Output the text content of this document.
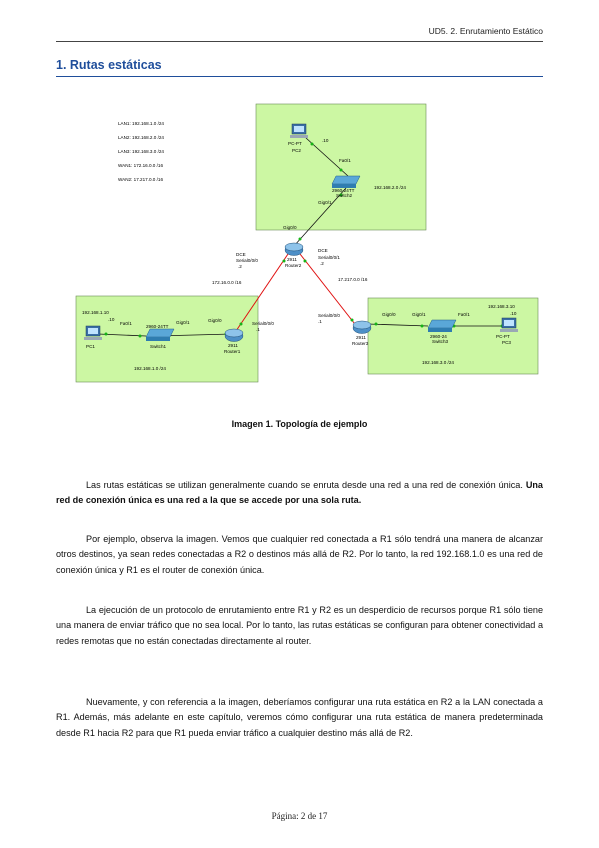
UD5. 2. Enrutamiento Estático
1. Rutas estáticas
LAN1: 192.168.1.0 /24
LAN2: 192.168.2.0 /24
LAN3: 192.168.3.0 /24
WAN1: 172.16.0.0 /16
WAN2: 17.217.0.0 /16
PC-PT
PC2
.10
Fa0/1
2960-24TT
Switch2
192.168.2.0 /24
Gig0/1
Gig0/0
2911
Router2
DCE
Serial0/0/0
.2
DCE
Serial0/0/1
.2
172.16.0.0 /16
17.217.0.0 /16
192.168.1.10
.10
PC1
Fa0/1
2960-24TT
Switch1
Gig0/1	Gig0/0
192.168.1.0 /24
2911
Router1
Serial0/0/0
.1
Serial0/0/0
.1
2911
Router3
Gig0/0	Gig0/1
2960-24
Switch3
Fa0/1
192.168.3.10
.10
PC-PT
PC3
192.168.3.0 /24
Imagen 1. Topología de ejemplo

Las rutas estáticas se utilizan generalmente cuando se enruta desde una red a una red de conexión única. Una red de conexión única es una red a la que se accede por una sola ruta.

Por ejemplo, observa la imagen. Vemos que cualquier red conectada a R1 sólo tendrá una manera de alcanzar otros destinos, ya sean redes conectadas a R2 o destinos más allá de R2. Por lo tanto, la red 192.168.1.0 es una red de conexión única y R1 es el router de conexión única.

La ejecución de un protocolo de enrutamiento entre R1 y R2 es un desperdicio de recursos porque R1 sólo tiene una manera de enviar tráfico que no sea local. Por lo tanto, las rutas estáticas se configuran para obtener conectividad a redes remotas que no están conectadas directamente al router.

Nuevamente, y con referencia a la imagen, deberíamos configurar una ruta estática en R2 a la LAN conectada a R1. Además, más adelante en este capítulo, veremos cómo configurar una ruta estática de manera predeterminada desde R1 hacia R2 para que R1 pueda enviar tráfico a cualquier destino más allá de R2.

Página: 2 de 17
